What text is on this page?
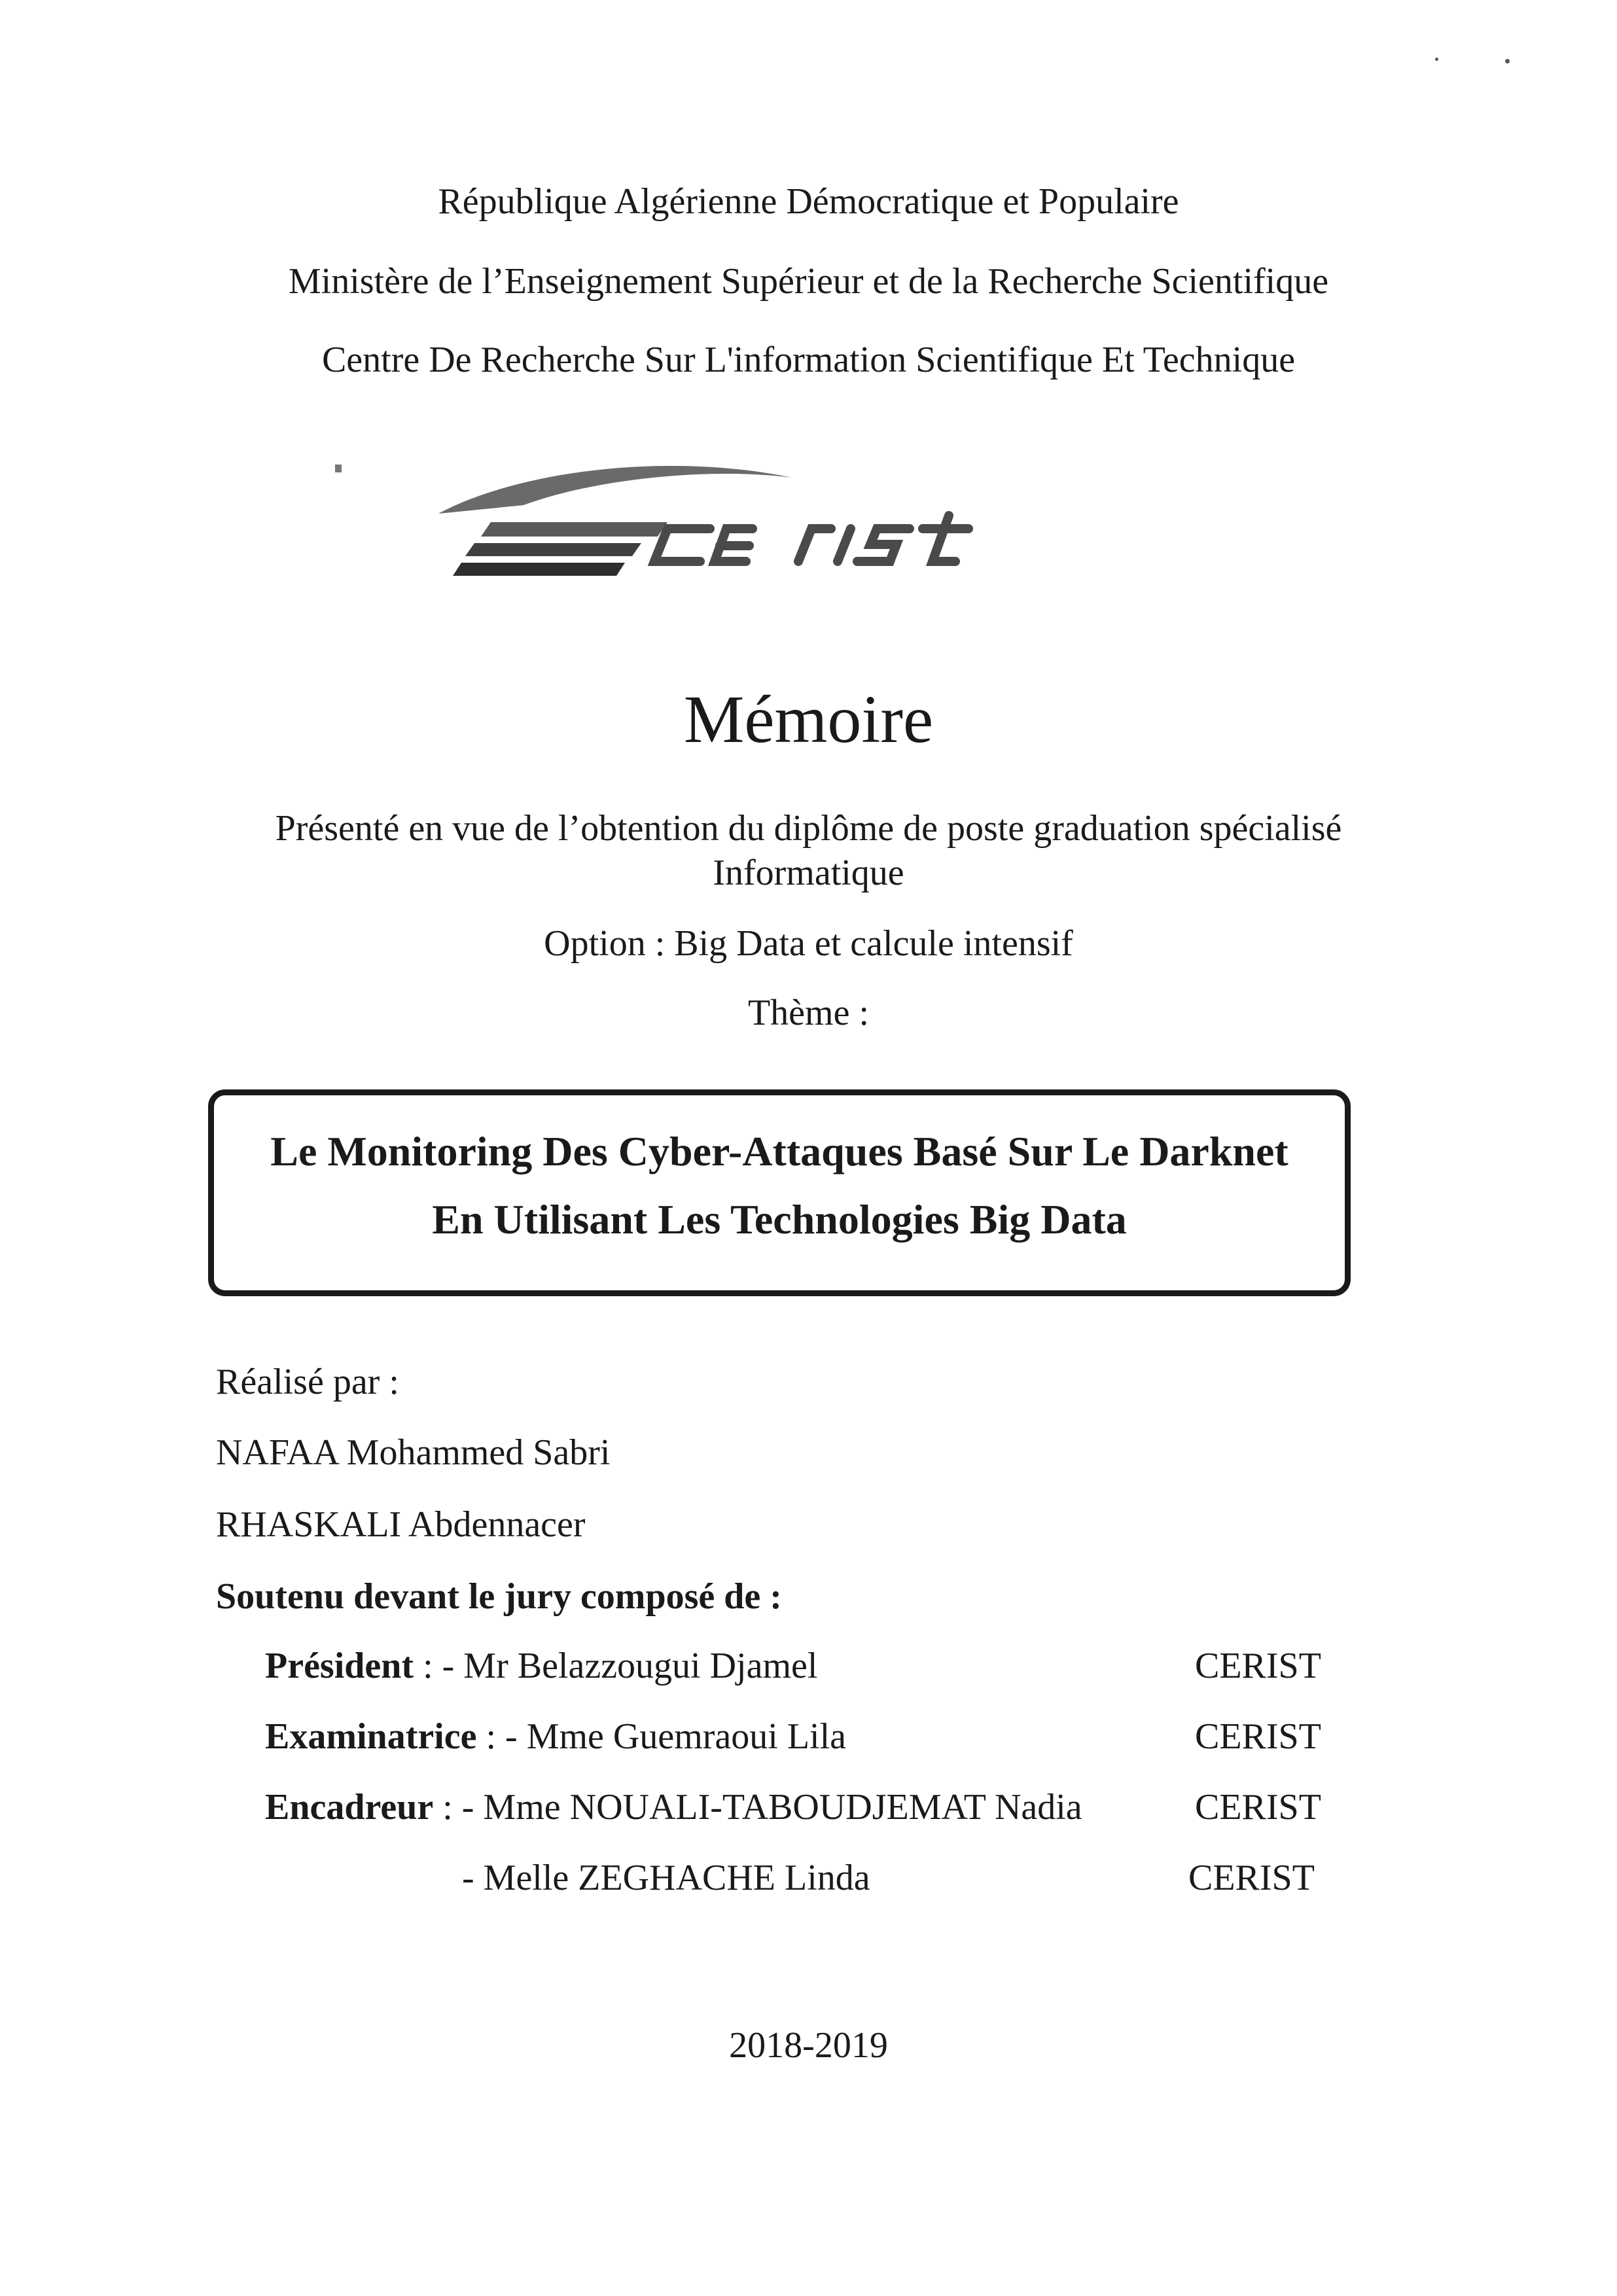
République Algérienne Démocratique et Populaire
Ministère de l’Enseignement Supérieur et de la Recherche Scientifique
Centre De Recherche Sur L'information Scientifique Et Technique
Mémoire
Présenté en vue de l’obtention du diplôme de poste graduation spécialisé
Informatique
Option : Big Data et calcule intensif
Thème :
Le Monitoring Des Cyber-Attaques Basé Sur Le Darknet
En Utilisant Les Technologies Big Data
Réalisé par :
NAFAA Mohammed Sabri
RHASKALI Abdennacer
Soutenu devant le jury composé de :
Président : - Mr Belazzougui Djamel	CERIST
Examinatrice : - Mme Guemraoui Lila	CERIST
Encadreur : - Mme NOUALI-TABOUDJEMAT Nadia	CERIST
- Melle ZEGHACHE Linda	CERIST
2018-2019
